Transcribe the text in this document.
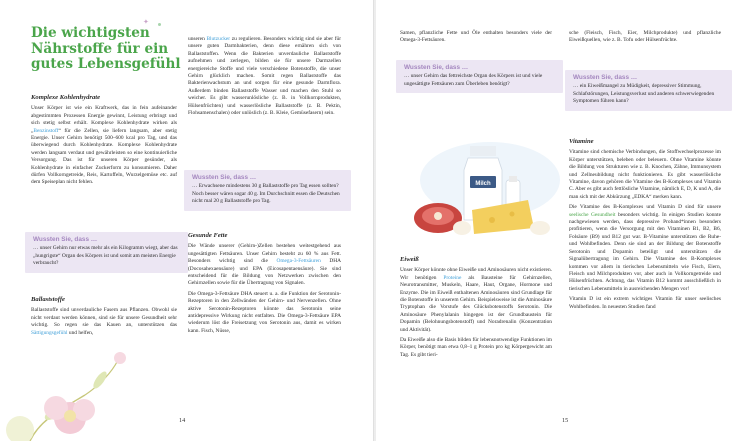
✦
Die wichtigsten Nährstoffe für ein gutes Lebensgefühl
Komplexe Kohlenhydrate

Unser Körper ist wie ein Kraftwerk, das in fein aufeinander abgestimmten Prozessen Energie gewinnt, Leistung erbringt und sich stetig selbst erhält. Komplexe Kohlenhydrate wirken als „Benzinstoff“ für die Zellen, sie liefern langsam, aber stetig Energie. Unser Gehirn benötigt 500–600 kcal pro Tag, und das überwiegend durch Kohlenhydrate. Komplexe Kohlenhydrate werden langsam verdaut und gewährleisten so eine kontinuierliche Versorgung. Das ist für unseren Körper gesünder, als Kohlenhydrate in einfacher Zuckerform zu konsumieren. Daher dürfen Vollkorngetreide, Reis, Kartoffeln, Wurzelgemüse etc. auf dem Speiseplan nicht fehlen.

Wussten Sie, dass …
… unser Gehirn nur etwas mehr als ein Kilogramm wiegt, aber das „hungrigste“ Organ des Körpers ist und somit am meisten Energie verbraucht?
Ballaststoffe

Ballaststoffe sind unverdauliche Fasern aus Pflanzen. Obwohl sie nicht verdaut werden können, sind sie für unsere Gesundheit sehr wichtig. So regen sie das Kauen an, unterstützen das Sättigungsgefühl und helfen,

unseren Blutzucker zu regulieren. Besonders wichtig sind sie aber für unsere guten Darmbakterien, denn diese ernähren sich von Ballaststoffen. Wenn die Bakterien unverdauliche Ballaststoffe aufnehmen und zerlegen, bilden sie für unsere Darmzellen energiereiche Stoffe und viele verschiedene Botenstoffe, die unser Gehirn glücklich machen. Somit regen Ballaststoffe das Bakterienwachstum an und sorgen für eine gesunde Darmflora. Außerdem binden Ballaststoffe Wasser und machen den Stuhl so weicher. Es gibt wasserunlösliche (z. B. in Vollkornprodukten, Hülsenfrüchten) und wasserlösliche Ballaststoffe (z. B. Pektin, Flohsamenschalen) oder unlöslich (z. B. Kleie, Gemüsefasern) sein.

Wussten Sie, dass …
… Erwachsene mindestens 30 g Ballaststoffe pro Tag essen sollten? Noch besser wären sogar 40 g. Im Durchschnitt essen die Deutschen nicht mal 20 g Ballaststoffe pro Tag.
Gesunde Fette

Die Wände unserer (Gehirn-)Zellen bestehen weitestgehend aus ungesättigten Fettsäuren. Unser Gehirn besteht zu 60 % aus Fett. Besonders wichtig sind die Omega-3-Fettsäuren DHA (Docosahexaensäure) und EPA (Eicosapentaensäure). Sie sind entscheidend für die Bildung von Netzwerken zwischen den Gehirnzellen sowie für die Übertragung von Signalen.

Die Omega-3-Fettsäure DHA steuert u. a. die Funktion der Serotonin-Rezeptoren in den Zellwänden der Gehirn- und Nervenzellen. Ohne aktive Serotonin-Rezeptoren könnte das Serotonin seine antidepressive Wirkung nicht entfalten. Die Omega-3-Fettsäure EPA wiederum löst die Freisetzung von Serotonin aus, damit es wirken kann. Fisch, Nüsse,

14

Samen, pflanzliche Fette und Öle enthalten besonders viele der Omega-3-Fettsäuren.

Wussten Sie, dass …
… unser Gehirn das fettreichste Organ des Körpers ist und viele ungesättigte Fettsäuren zum Überleben benötigt?
Milch
Eiweiß

Unser Körper könnte ohne Eiweiße und Aminosäuren nicht existieren. Wir benötigen Proteine als Bausteine für Gehirnzellen, Neurotransmitter, Muskeln, Haare, Haut, Organe, Hormone und Enzyme. Die im Eiweiß enthaltenen Aminosäuren sind Grundlage für die Botenstoffe in unserem Gehirn. Beispielsweise ist die Aminosäure Tryptophan die Vorstufe des Glücksbotenstoffs Serotonin. Die Aminosäure Phenylalanin hingegen ist der Grundbaustein für Dopamin (Belohnungsbotenstoff) und Noradrenalin (Konzentration und Aktivität).

Da Eiweiße also die Basis bilden für lebensnotwendige Funktionen im Körper, benötigt man etwa 0,8–1 g Protein pro kg Körpergewicht am Tag. Es gibt tieri-

sche (Fleisch, Fisch, Eier, Milchprodukte) und pflanzliche Eiweißquellen, wie z. B. Tofu oder Hülsenfrüchte.

Wussten Sie, dass …
… ein Eiweißmangel zu Müdigkeit, depressiver Stimmung, Schlafstörungen, Leistungsverlust und anderen schwerwiegenden Symptomen führen kann?
Vitamine

Vitamine sind chemische Verbindungen, die Stoffwechselprozesse im Körper unterstützen, beleben oder beleuern. Ohne Vitamine könnte die Bildung von Strukturen wie z. B. Knochen, Zähne, Immunsystem und Zellneubildung nicht funktionieren. Es gibt wasserlösliche Vitamine, davon gehören die Vitamine des B-Komplexes und Vitamin C. Aber es gibt auch fettlösliche Vitamine, nämlich E, D, K und A, die man sich mit der Abkürzung „EDKA“ merken kann.

Die Vitamine des B-Komplexes und Vitamin D sind für unsere seelische Gesundheit besonders wichtig. In einigen Studien konnte nachgewiesen werden, dass depressive Proband*innen besonders profitieren, wenn die Versorgung mit den Vitaminen B1, B2, B6, Folsäure (B9) und B12 gut war. B-Vitamine unterstützen die Ruhe- und Wohlbefinden. Denn sie sind an der Bildung der Botenstoffe Serotonin und Dopamin beteiligt und unterstützen die Signalübertragung im Gehirn. Die Vitamine des B-Komplexes kommen vor allem in tierischen Lebensmitteln wie Fisch, Eiern, Fleisch und Milchprodukten vor, aber auch in Vollkorngetreide und Hülsenfrüchten. Achtung, das Vitamin B12 kommt ausschließlich in tierischen Lebensmitteln in ausreichenden Mengen vor!

Vitamin D ist ein extrem wichtiges Vitamin für unser seelisches Wohlbefinden. In neuesten Studien fand

15
